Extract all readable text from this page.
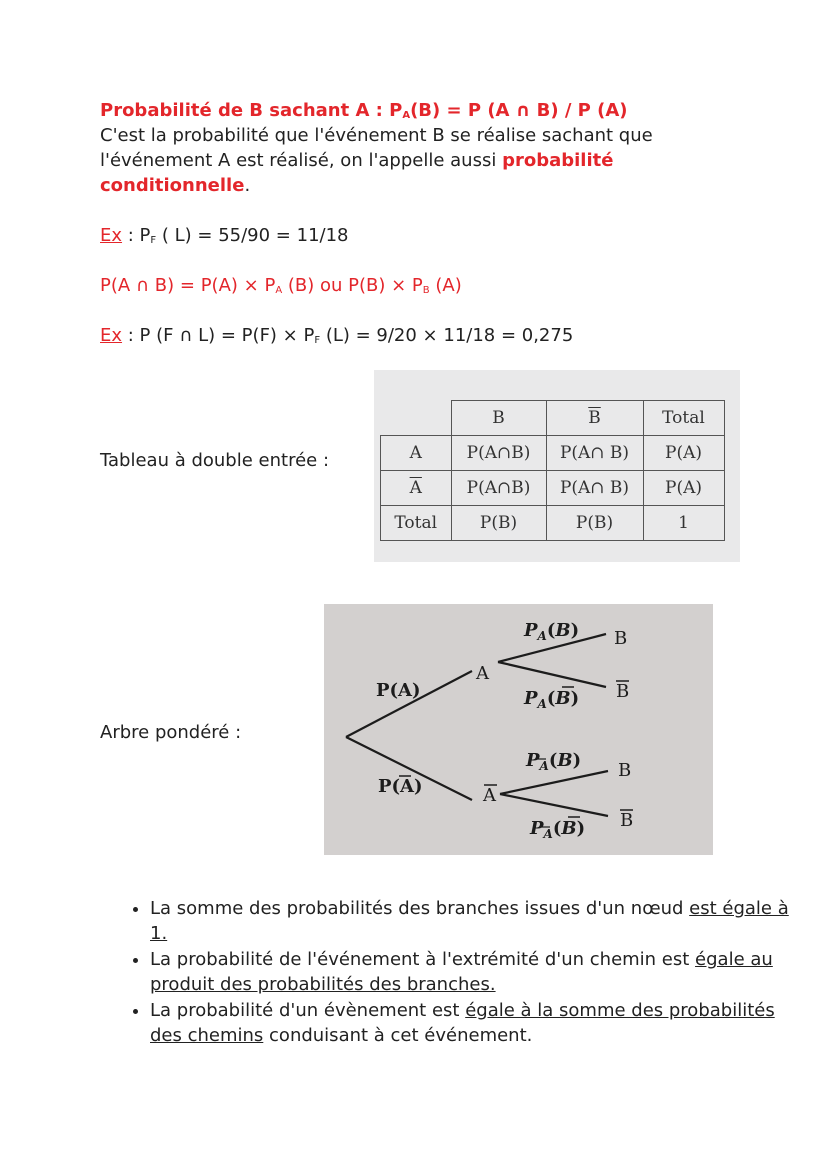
Probabilité de B sachant A : $P_A(B) = P$ (A ∩ B) / P (A)
C'est la probabilité que l'événement B se réalise sachant que
l'événement A est réalisé, on l'appelle aussi probabilité
conditionnelle.
Ex : $P_F$ ( L) = 55/90 = 11/18
P(A ∩ $B) = P(A) \times P_A$ (B) ou $P(B) \times P_B$ (A)
Ex : P (F ∩ $L) = P(F) \times P_F$ (L) = 9/20 × 11/18 = 0,275
Tableau à double entrée :
	B	$\overline{B}$	Total
A	P(A∩B)	P(A∩ B)	P(A)
$\overline{A}$	P(A∩B)	P(A∩ B)	P(A)
Total	P(B)	P(B)	1
Arbre pondéré :
P(A)
P(A)
A
A
$P_A(B)$
$P_A(B)$
$P_A(B)$
$P_A(B)$
B
B
B
B
• La somme des probabilités des branches issues d'un nœud est égale à 1.
• La probabilité de l'événement à l'extrémité d'un chemin est égale au produit des probabilités des branches.
• La probabilité d'un évènement est égale à la somme des probabilités des chemins conduisant à cet événement.
